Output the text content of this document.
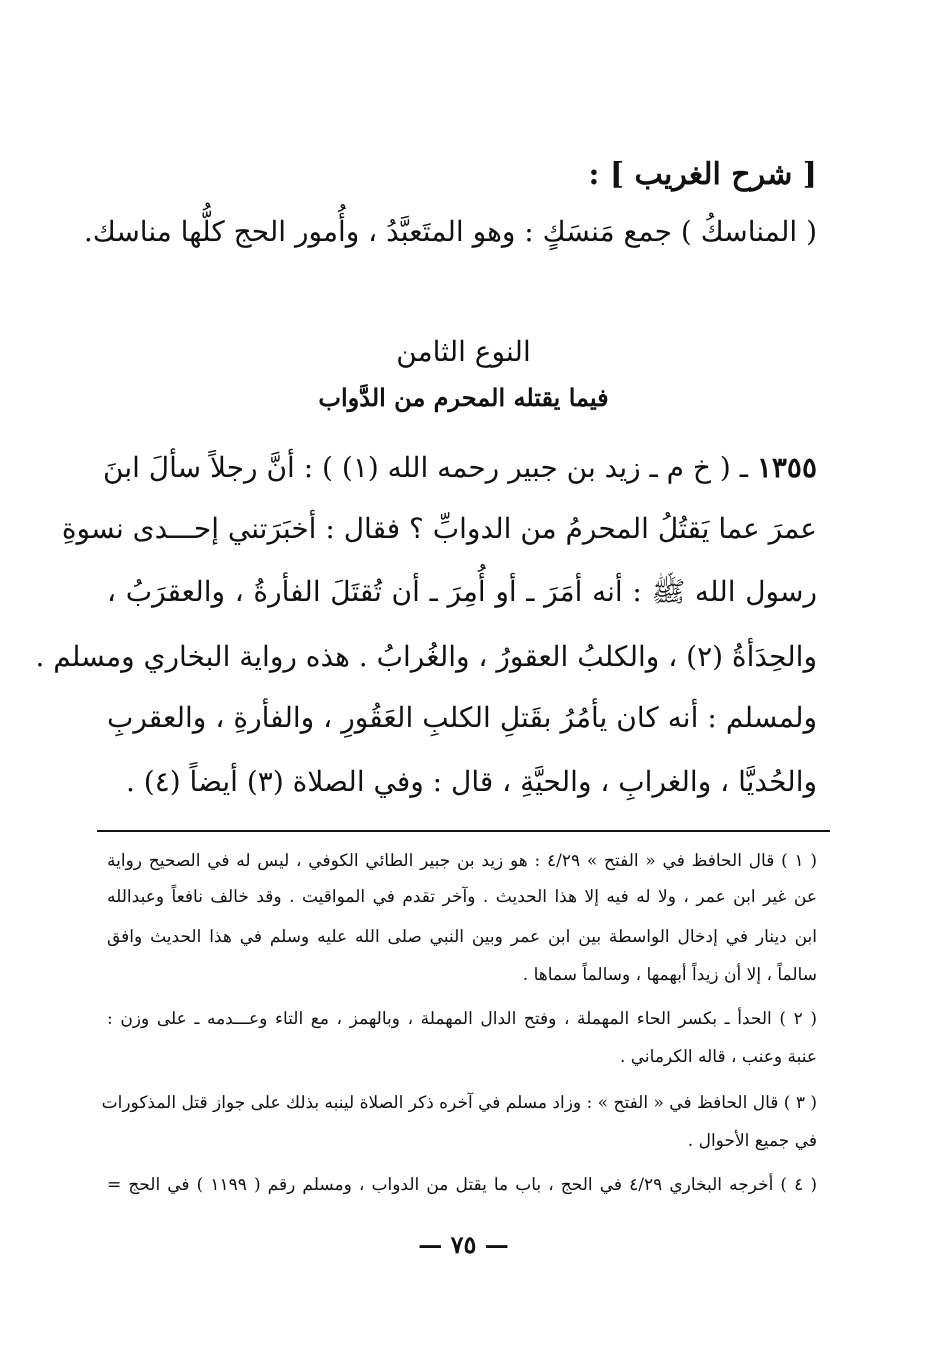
[ شرح الغريب ] :
( المناسكُ ) جمع مَنسَكٍ : وهو المتَعبَّدُ ، وأُمور الحج كلُّها مناسك.
النوع الثامن
فيما يقتله المحرم من الدَّواب
١٣٥٥ ـ ( خ م ـ زيد بن جبير رحمه الله (١) ) : أنَّ رجلاً سألَ ابنَ
عمرَ عما يَقتُلُ المحرمُ من الدوابِّ ؟ فقال : أخبَرَتني إحـــدى نسوةِ
رسول الله ﷺ : أنه أمَرَ ـ أو أُمِرَ ـ أن تُقتَلَ الفأرةُ ، والعقرَبُ ،
والحِدَأةُ (٢) ، والكلبُ العقورُ ، والغُرابُ . هذه رواية البخاري ومسلم .
ولمسلم : أنه كان يأمُرُ بقَتلِ الكلبِ العَقُورِ ، والفأرةِ ، والعقربِ
والحُديَّا ، والغرابِ ، والحيَّةِ ، قال : وفي الصلاة (٣) أيضاً (٤) .
( ١ ) قال الحافظ في « الفتح » ٤/٢٩ : هو زيد بن جبير الطائي الكوفي ، ليس له في الصحيح رواية
عن غير ابن عمر ، ولا له فيه إلا هذا الحديث . وآخر تقدم في المواقيت . وقد خالف نافعاً وعبدالله
ابن دينار في إدخال الواسطة بين ابن عمر وبين النبي صلى الله عليه وسلم في هذا الحديث وافق
سالماً ، إلا أن زيداً أبهمها ، وسالماً سماها .
( ٢ ) الحدأ ـ بكسر الحاء المهملة ، وفتح الدال المهملة ، وبالهمز ، مع التاء وعـــدمه ـ على وزن :
عنبة وعنب ، قاله الكرماني .
( ٣ ) قال الحافظ في « الفتح » : وزاد مسلم في آخره ذكر الصلاة لينبه بذلك على جواز قتل المذكورات
في جميع الأحوال .
( ٤ ) أخرجه البخاري ٤/٢٩ في الحج ، باب ما يقتل من الدواب ، ومسلم رقم ( ١١٩٩ ) في الحج =
— ٧٥ —
